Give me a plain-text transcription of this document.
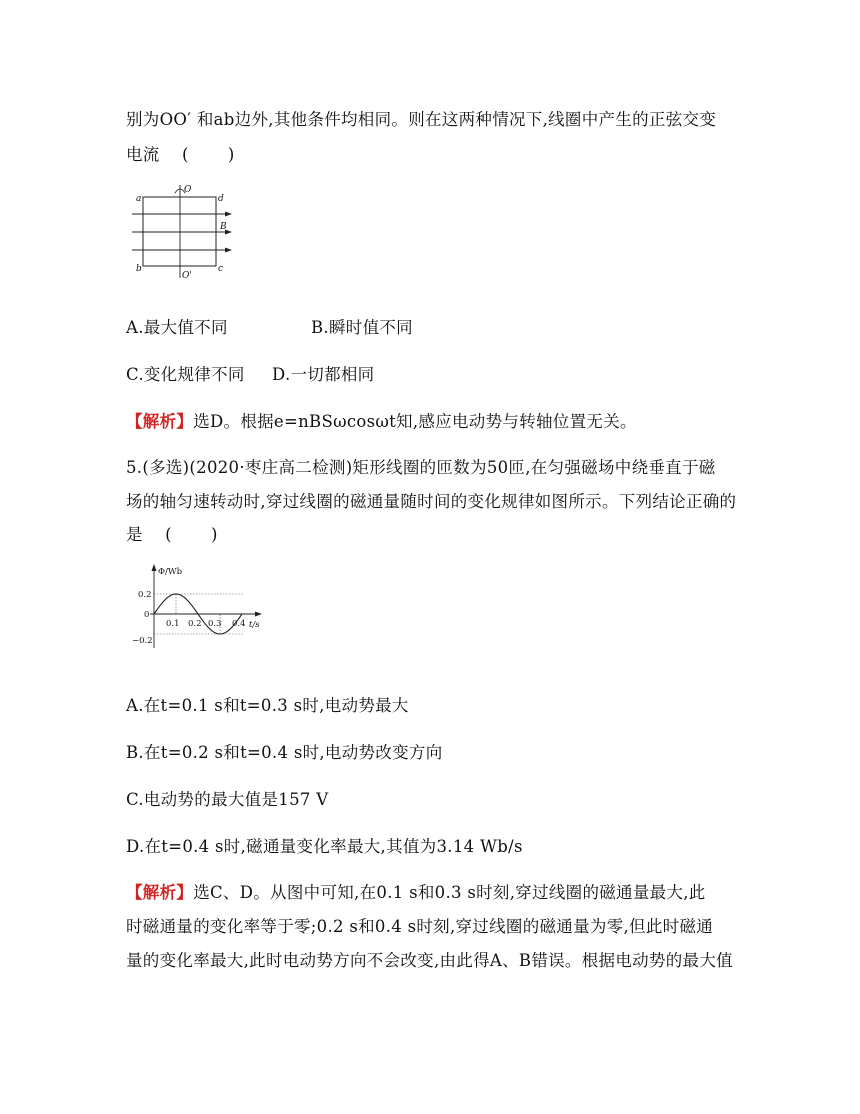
别为OO′ 和ab边外,其他条件均相同。则在这两种情况下,线圈中产生的正弦交变
电流 　( 　　)
a
O
d
B
b
O'
c
A.最大值不同	B.瞬时值不同
C.变化规律不同 D.一切都相同
【解析】选D。根据e=nBSωcosωt知,感应电动势与转轴位置无关。
5.(多选)(2020·枣庄高二检测)矩形线圈的匝数为50匝,在匀强磁场中绕垂直于磁
场的轴匀速转动时,穿过线圈的磁通量随时间的变化规律如图所示。下列结论正确的
是 　( 　　)
Φ/Wb
t/s
0.2
0
−0.2
0.1 0.2 0.3 0.4
A.在t=0.1 s和t=0.3 s时,电动势最大
B.在t=0.2 s和t=0.4 s时,电动势改变方向
C.电动势的最大值是157 V
D.在t=0.4 s时,磁通量变化率最大,其值为3.14 Wb/s
【解析】选C、D。从图中可知,在0.1 s和0.3 s时刻,穿过线圈的磁通量最大,此
时磁通量的变化率等于零;0.2 s和0.4 s时刻,穿过线圈的磁通量为零,但此时磁通
量的变化率最大,此时电动势方向不会改变,由此得A、B错误。根据电动势的最大值
